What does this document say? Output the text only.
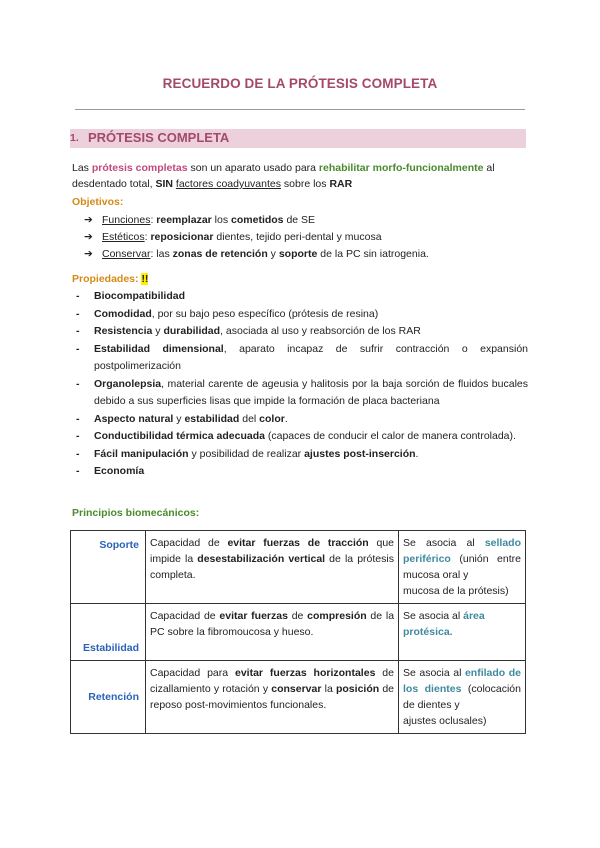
RECUERDO DE LA PRÓTESIS COMPLETA
1. PRÓTESIS COMPLETA
Las prótesis completas son un aparato usado para rehabilitar morfo-funcionalmente al desdentado total, SIN factores coadyuvantes sobre los RAR
Objetivos:
➔ Funciones: reemplazar los cometidos de SE
➔ Estéticos: reposicionar dientes, tejido peri-dental y mucosa
➔ Conservar: las zonas de retención y soporte de la PC sin iatrogenia.
Propiedades: !!
- Biocompatibilidad
- Comodidad, por su bajo peso específico (prótesis de resina)
- Resistencia y durabilidad, asociada al uso y reabsorción de los RAR
- Estabilidad dimensional, aparato incapaz de sufrir contracción o expansión postpolimerización
- Organolepsia, material carente de ageusia y halitosis por la baja sorción de fluidos bucales debido a sus superficies lisas que impide la formación de placa bacteriana
- Aspecto natural y estabilidad del color.
- Conductibilidad térmica adecuada (capaces de conducir el calor de manera controlada).
- Fácil manipulación y posibilidad de realizar ajustes post-inserción.
- Economía
Principios biomecánicos:
Soporte	Capacidad de evitar fuerzas de tracción que impide la desestabilización vertical de la prótesis completa.	Se asocia al sellado periférico (unión entre mucosa oral y
mucosa de la prótesis)
Estabilidad	Capacidad de evitar fuerzas de compresión de la PC sobre la fibromoucosa y hueso.	Se asocia al área protésica.
Retención	Capacidad para evitar fuerzas horizontales de cizallamiento y rotación y conservar la posición de reposo post-movimientos funcionales.	Se asocia al enfilado de los dientes (colocación de dientes y
ajustes oclusales)
